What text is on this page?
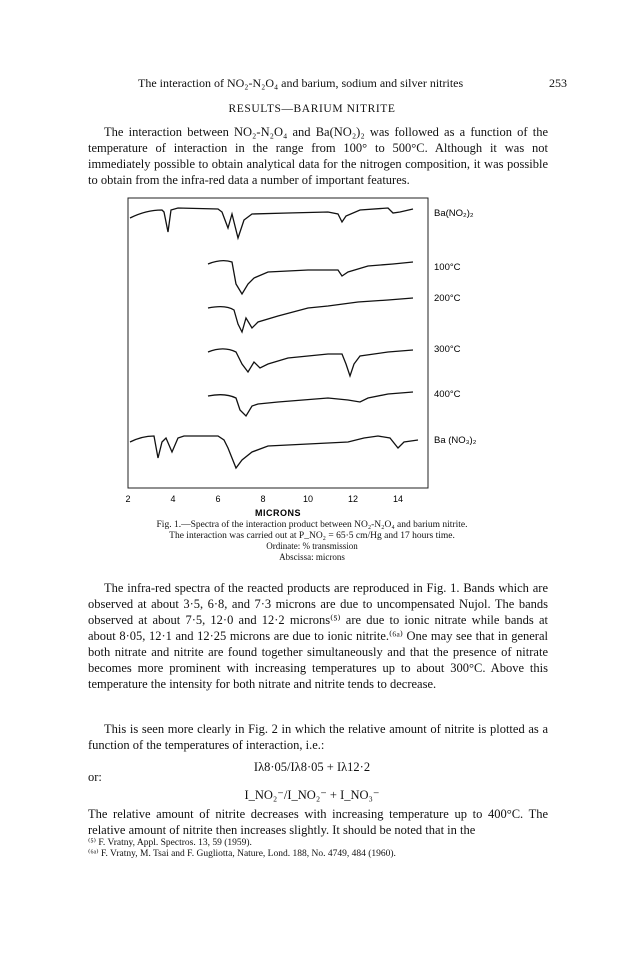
The interaction of NO₂-N₂O₄ and barium, sodium and silver nitrites	253
RESULTS—BARIUM NITRITE
The interaction between NO₂-N₂O₄ and Ba(NO₂)₂ was followed as a function of the temperature of interaction in the range from 100° to 500°C. Although it was not immediately possible to obtain analytical data for the nitrogen composition, it was possible to obtain from the infra-red data a number of important features.
Ba(NO₂)₂
100°C
200°C
300°C
400°C
Ba (NO₃)₂
2	4	6	8	10	12	14
MICRONS
Fig. 1.—Spectra of the interaction product between NO₂-N₂O₄ and barium nitrite.
The interaction was carried out at P_NO₂ = 65·5 cm/Hg and 17 hours time.
Ordinate: % transmission
Abscissa: microns
The infra-red spectra of the reacted products are reproduced in Fig. 1. Bands which are observed at about 3·5, 6·8, and 7·3 microns are due to uncompensated Nujol. The bands observed at about 7·5, 12·0 and 12·2 microns⁽⁵⁾ are due to ionic nitrate while bands at about 8·05, 12·1 and 12·25 microns are due to ionic nitrite.⁽⁶ᵃ⁾ One may see that in general both nitrate and nitrite are found together simultaneously and that the presence of nitrate becomes more prominent with increasing temperatures up to about 300°C. Above this temperature the intensity for both nitrate and nitrite tends to decrease.
This is seen more clearly in Fig. 2 in which the relative amount of nitrite is plotted as a function of the temperatures of interaction, i.e.:
Iλ8·05/Iλ8·05 + Iλ12·2
or:
I_NO₂⁻/I_NO₂⁻ + I_NO₃⁻
The relative amount of nitrite decreases with increasing temperature up to 400°C. The relative amount of nitrite then increases slightly. It should be noted that in the
⁽⁵⁾ F. Vratny, Appl. Spectros. 13, 59 (1959).
⁽⁶ᵃ⁾ F. Vratny, M. Tsai and F. Gugliotta, Nature, Lond. 188, No. 4749, 484 (1960).
